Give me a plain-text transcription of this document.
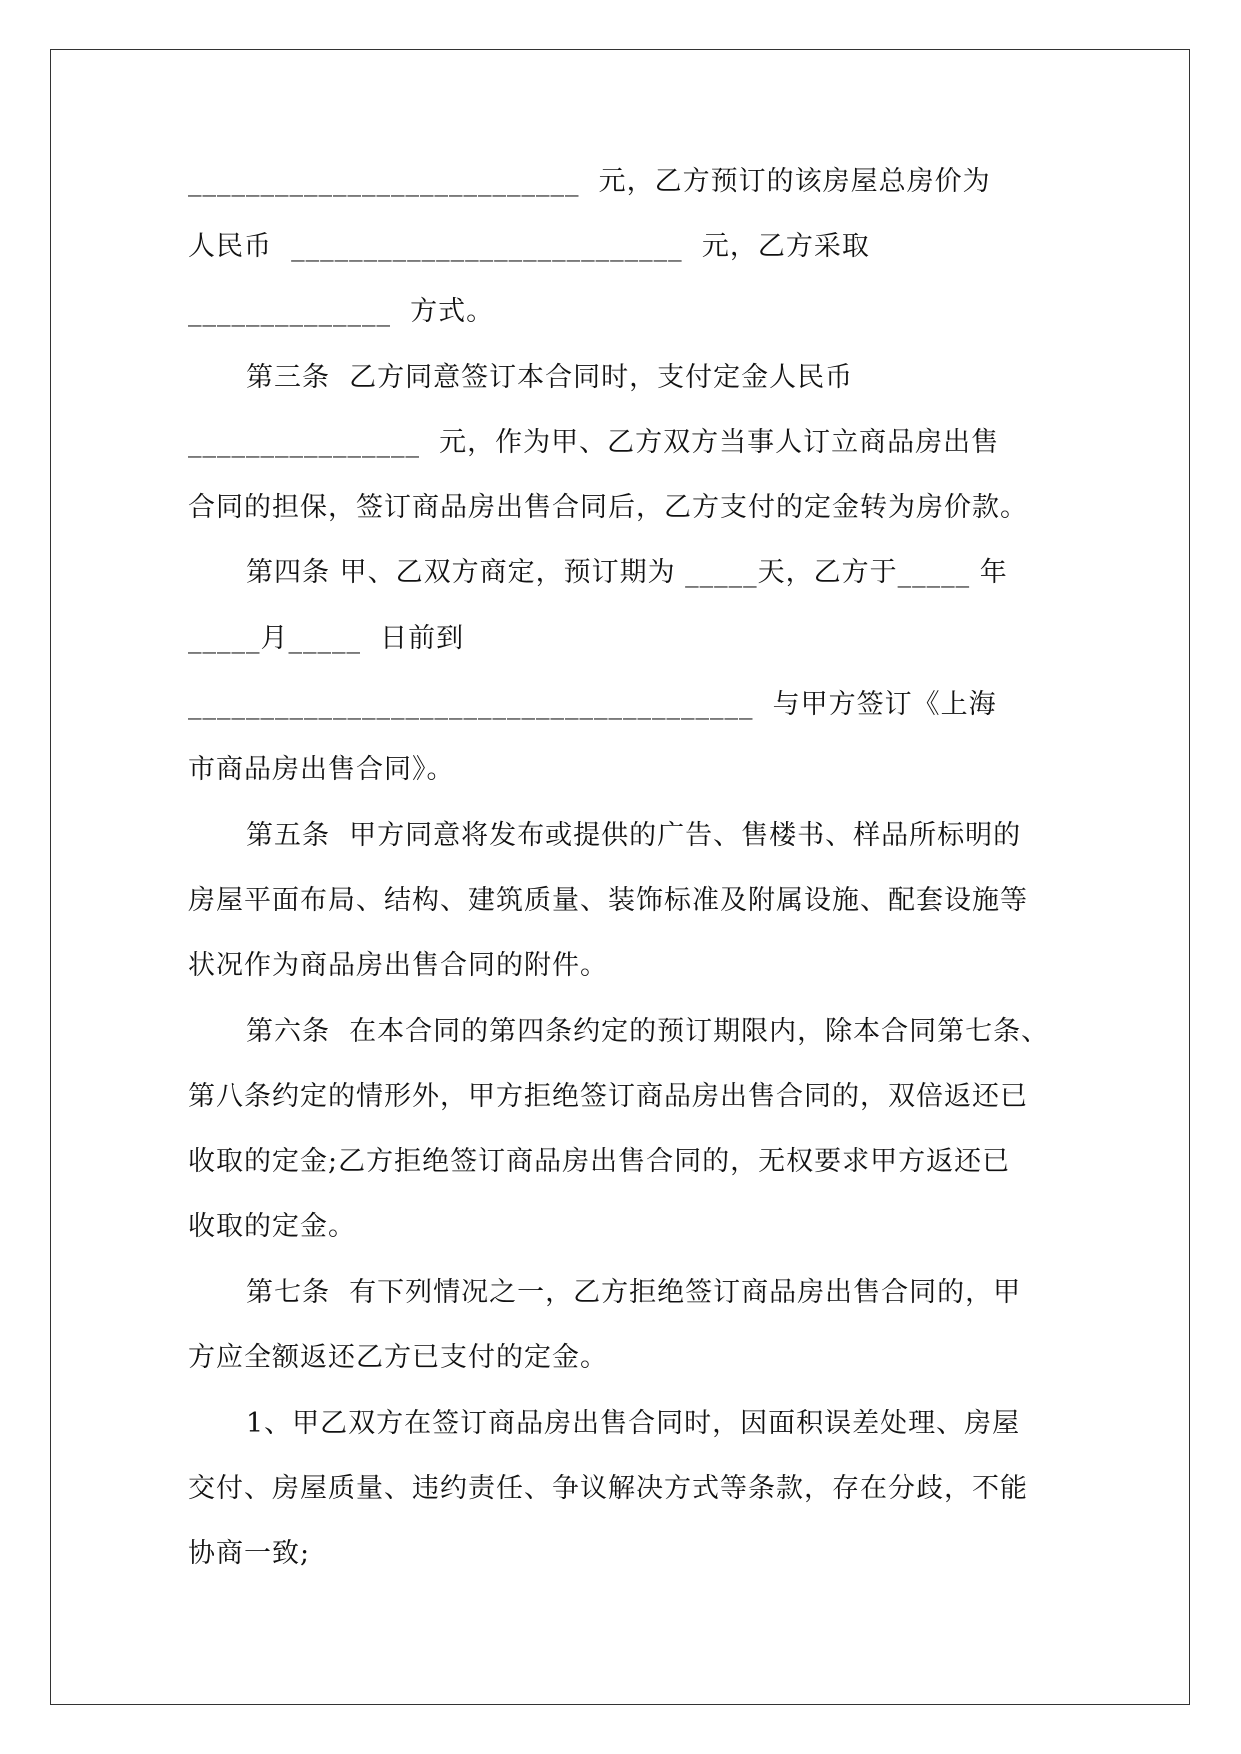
___________________________  元，乙方预订的该房屋总房价为
人民币  ___________________________  元，乙方采取
______________  方式。
第三条  乙方同意签订本合同时，支付定金人民币
________________  元，作为甲、乙方双方当事人订立商品房出售
合同的担保，签订商品房出售合同后，乙方支付的定金转为房价款。
第四条 甲、乙双方商定，预订期为 _____天，乙方于_____ 年
_____月_____  日前到
_______________________________________  与甲方签订《上海
市商品房出售合同》。
第五条  甲方同意将发布或提供的广告、售楼书、样品所标明的
房屋平面布局、结构、建筑质量、装饰标准及附属设施、配套设施等
状况作为商品房出售合同的附件。
第六条  在本合同的第四条约定的预订期限内，除本合同第七条、
第八条约定的情形外，甲方拒绝签订商品房出售合同的，双倍返还已
收取的定金;乙方拒绝签订商品房出售合同的，无权要求甲方返还已
收取的定金。
第七条  有下列情况之一，乙方拒绝签订商品房出售合同的，甲
方应全额返还乙方已支付的定金。
1、甲乙双方在签订商品房出售合同时，因面积误差处理、房屋
交付、房屋质量、违约责任、争议解决方式等条款，存在分歧，不能
协商一致;
